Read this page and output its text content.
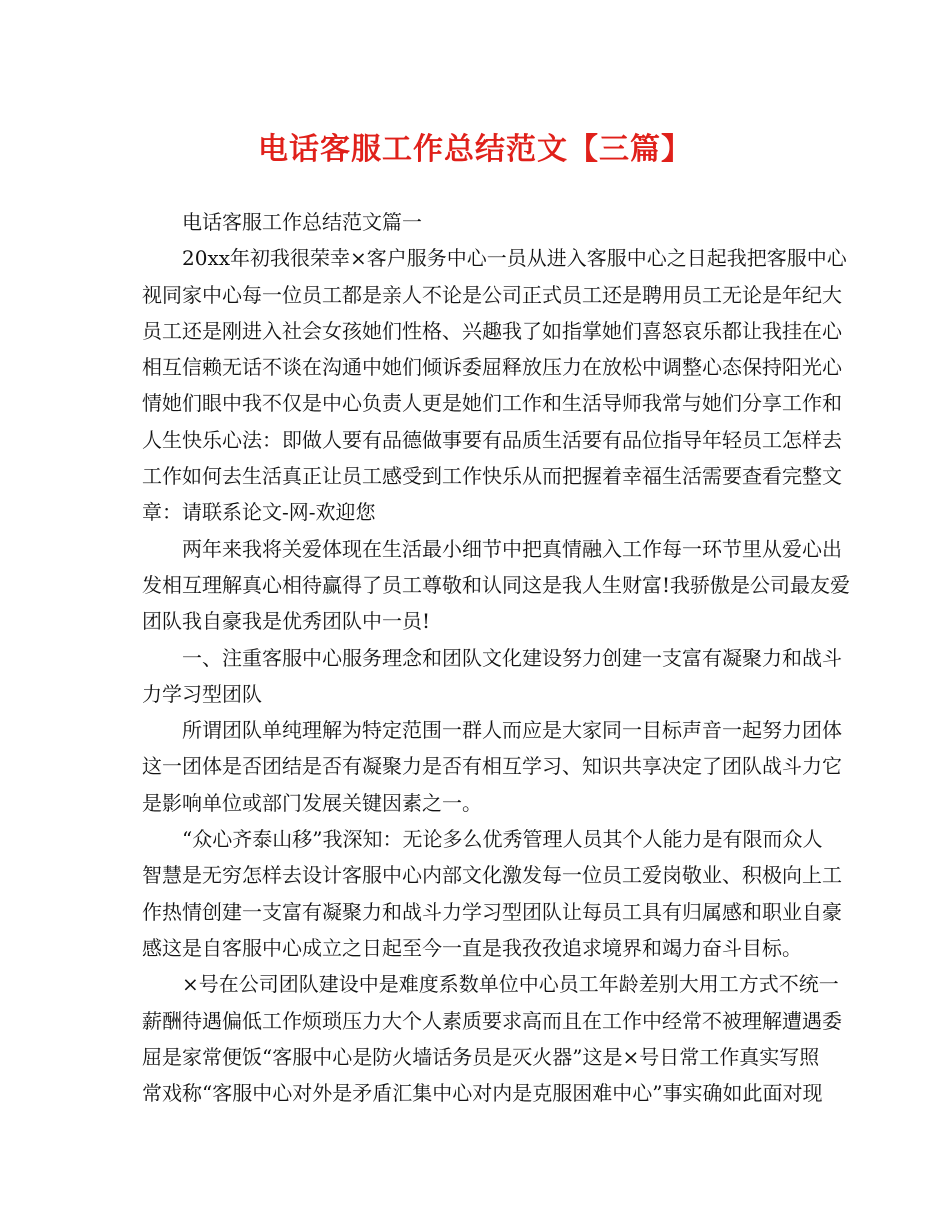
电话客服工作总结范文【三篇】
电话客服工作总结范文篇一
20xx年初我很荣幸×客户服务中心一员从进入客服中心之日起我把客服中心
视同家中心每一位员工都是亲人不论是公司正式员工还是聘用员工无论是年纪大
员工还是刚进入社会女孩她们性格、兴趣我了如指掌她们喜怒哀乐都让我挂在心
相互信赖无话不谈在沟通中她们倾诉委屈释放压力在放松中调整心态保持阳光心
情她们眼中我不仅是中心负责人更是她们工作和生活导师我常与她们分享工作和
人生快乐心法：即做人要有品德做事要有品质生活要有品位指导年轻员工怎样去
工作如何去生活真正让员工感受到工作快乐从而把握着幸福生活需要查看完整文
章：请联系论文-网-欢迎您
两年来我将关爱体现在生活最小细节中把真情融入工作每一环节里从爱心出
发相互理解真心相待赢得了员工尊敬和认同这是我人生财富!我骄傲是公司最友爱
团队我自豪我是优秀团队中一员!
一、注重客服中心服务理念和团队文化建设努力创建一支富有凝聚力和战斗
力学习型团队
所谓团队单纯理解为特定范围一群人而应是大家同一目标声音一起努力团体
这一团体是否团结是否有凝聚力是否有相互学习、知识共享决定了团队战斗力它
是影响单位或部门发展关键因素之一。
“众心齐泰山移”我深知：无论多么优秀管理人员其个人能力是有限而众人
智慧是无穷怎样去设计客服中心内部文化激发每一位员工爱岗敬业、积极向上工
作热情创建一支富有凝聚力和战斗力学习型团队让每员工具有归属感和职业自豪
感这是自客服中心成立之日起至今一直是我孜孜追求境界和竭力奋斗目标。
×号在公司团队建设中是难度系数单位中心员工年龄差别大用工方式不统一
薪酬待遇偏低工作烦琐压力大个人素质要求高而且在工作中经常不被理解遭遇委
屈是家常便饭“客服中心是防火墙话务员是灭火器”这是×号日常工作真实写照
常戏称“客服中心对外是矛盾汇集中心对内是克服困难中心”事实确如此面对现
